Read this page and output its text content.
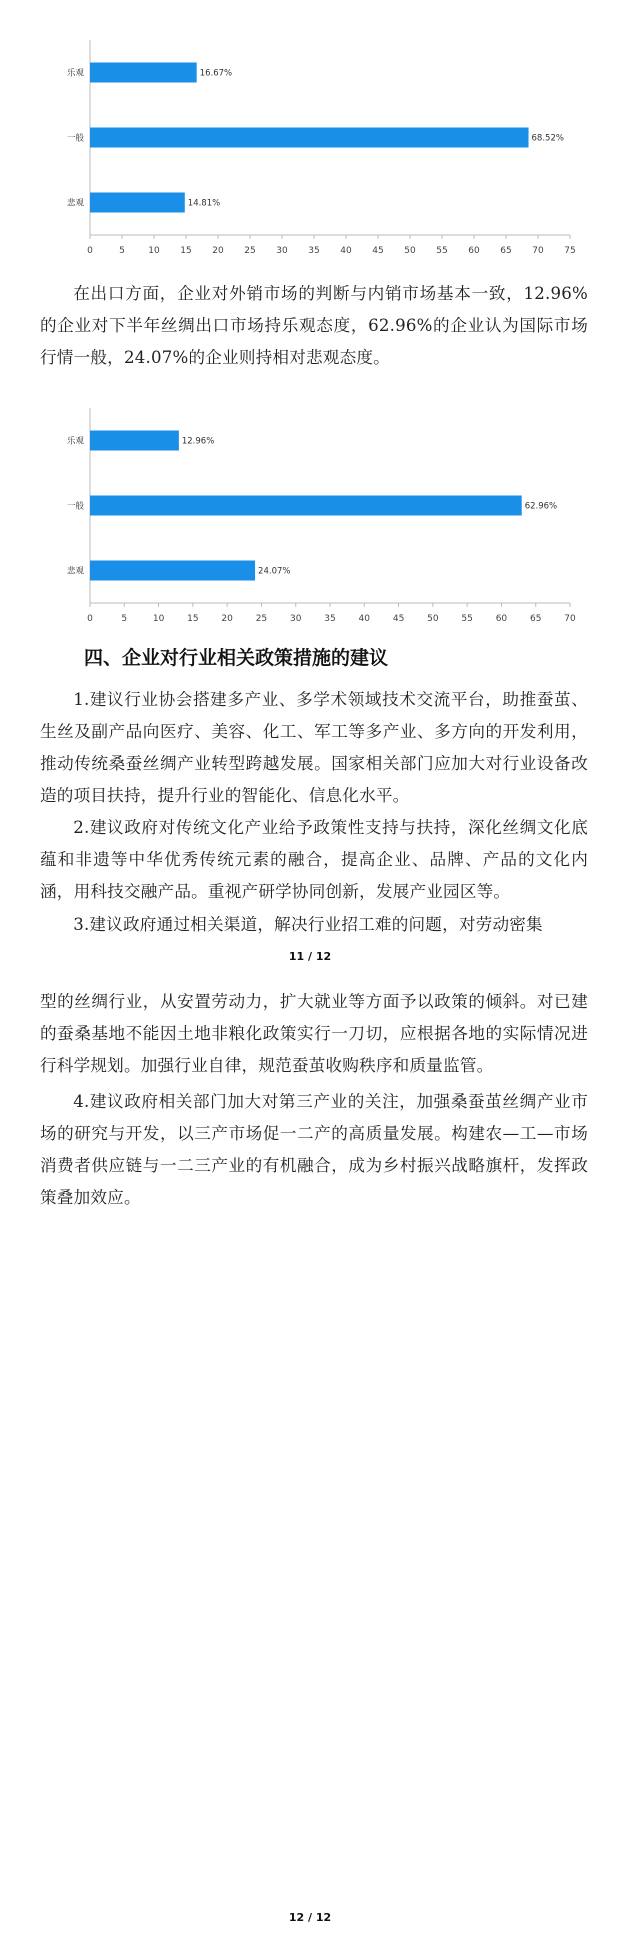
0	5	10 15 20 25 30 35 40 45 50 55 60 65 70 75
乐观	16.67%
一般	68.52%
悲观	14.81%

在出口方面，企业对外销市场的判断与内销市场基本一致，12.96%的企业对下半年丝绸出口市场持乐观态度，62.96%的企业认为国际市场行情一般，24.07%的企业则持相对悲观态度。

0	5	10	15	20	25	30	35	40	45	50	55	60	65	70
乐观	12.96%
一般	62.96%
悲观	24.07%
四、企业对行业相关政策措施的建议

1.建议行业协会搭建多产业、多学术领域技术交流平台，助推蚕茧、生丝及副产品向医疗、美容、化工、军工等多产业、多方向的开发利用，推动传统桑蚕丝绸产业转型跨越发展。国家相关部门应加大对行业设备改造的项目扶持，提升行业的智能化、信息化水平。

2.建议政府对传统文化产业给予政策性支持与扶持，深化丝绸文化底蕴和非遗等中华优秀传统元素的融合，提高企业、品牌、产品的文化内涵，用科技交融产品。重视产研学协同创新，发展产业园区等。

3.建议政府通过相关渠道，解决行业招工难的问题，对劳动密集

11 / 12

型的丝绸行业，从安置劳动力，扩大就业等方面予以政策的倾斜。对已建的蚕桑基地不能因土地非粮化政策实行一刀切，应根据各地的实际情况进行科学规划。加强行业自律，规范蚕茧收购秩序和质量监管。

4.建议政府相关部门加大对第三产业的关注，加强桑蚕茧丝绸产业市场的研究与开发，以三产市场促一二产的高质量发展。构建农—工—市场消费者供应链与一二三产业的有机融合，成为乡村振兴战略旗杆，发挥政策叠加效应。

12 / 12
